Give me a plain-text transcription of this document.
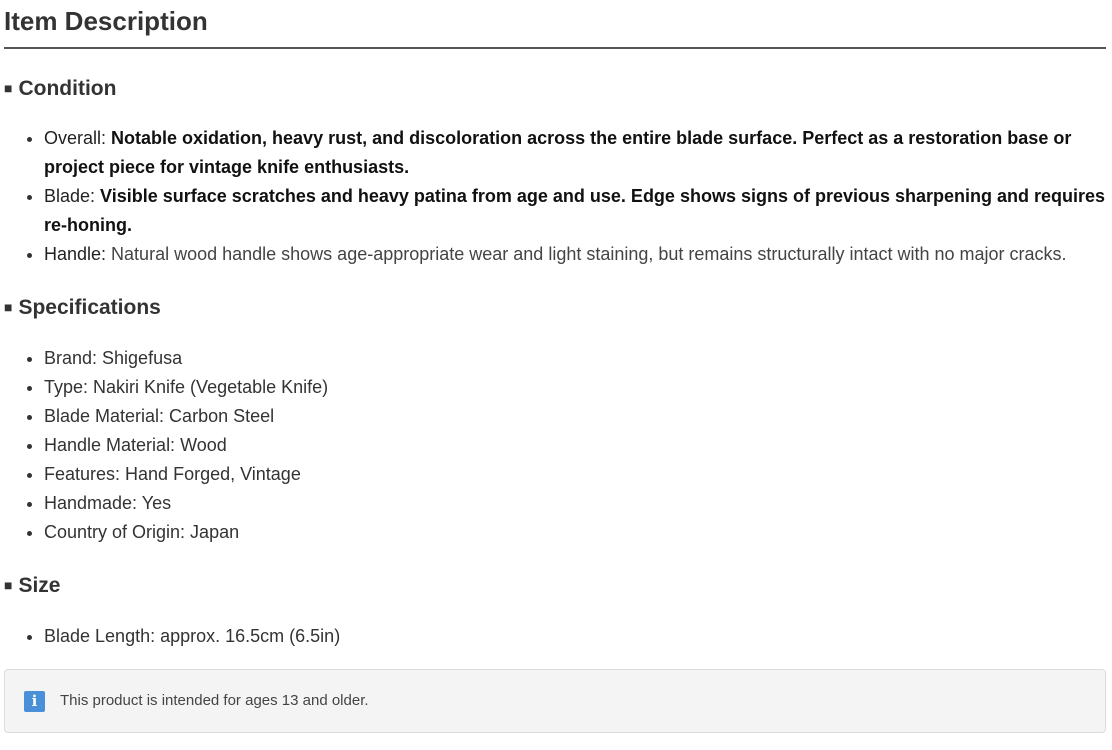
Item Description
■ Condition
• Overall: Notable oxidation, heavy rust, and discoloration across the entire blade surface. Perfect as a restoration base or project piece for vintage knife enthusiasts.
• Blade: Visible surface scratches and heavy patina from age and use. Edge shows signs of previous sharpening and requires re-honing.
• Handle: Natural wood handle shows age-appropriate wear and light staining, but remains structurally intact with no major cracks.
■ Specifications
• Brand: Shigefusa
• Type: Nakiri Knife (Vegetable Knife)
• Blade Material: Carbon Steel
• Handle Material: Wood
• Features: Hand Forged, Vintage
• Handmade: Yes
• Country of Origin: Japan
■ Size
• Blade Length: approx. 16.5cm (6.5in)
i	This product is intended for ages 13 and older.
